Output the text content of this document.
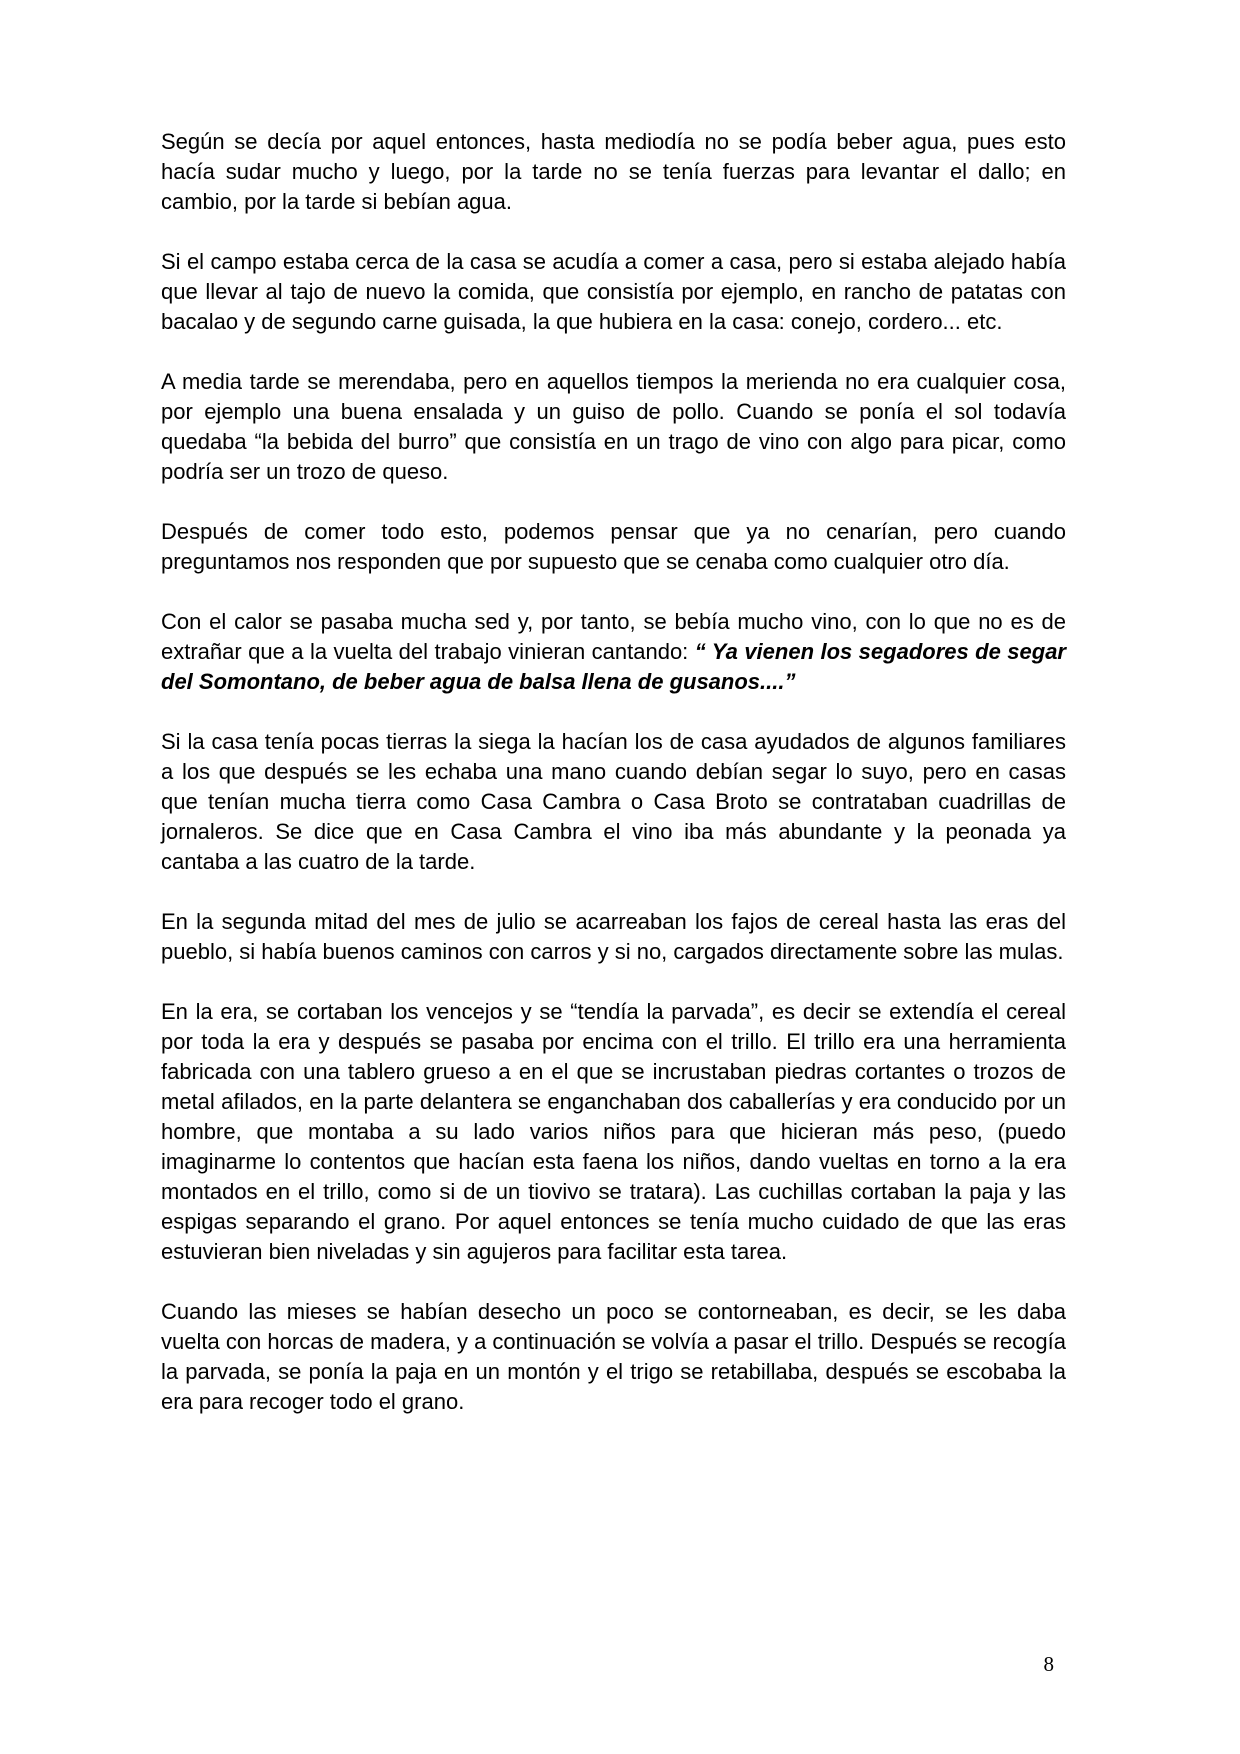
Según se decía por aquel entonces, hasta mediodía no se podía beber agua, pues esto hacía sudar mucho y luego, por la tarde no se tenía fuerzas para levantar el dallo; en cambio, por la tarde si bebían agua.

Si el campo estaba cerca de la casa se acudía a comer a casa, pero si estaba alejado había que llevar al tajo de nuevo la comida, que consistía por ejemplo, en rancho de patatas con bacalao y de segundo carne guisada, la que hubiera en la casa: conejo, cordero... etc.

A media tarde se merendaba, pero en aquellos tiempos la merienda no era cualquier cosa, por ejemplo una buena ensalada y un guiso de pollo. Cuando se ponía el sol todavía quedaba “la bebida del burro” que consistía en un trago de vino con algo para picar, como podría ser un trozo de queso.

Después de comer todo esto, podemos pensar que ya no cenarían, pero cuando preguntamos nos responden que por supuesto que se cenaba como cualquier otro día.

Con el calor se pasaba mucha sed y, por tanto, se bebía mucho vino, con lo que no es de extrañar que a la vuelta del trabajo vinieran cantando: “ Ya vienen los segadores de segar del Somontano, de beber agua de balsa llena de gusanos....”

Si la casa tenía pocas tierras la siega la hacían los de casa ayudados de algunos familiares a los que después se les echaba una mano cuando debían segar lo suyo, pero en casas que tenían mucha tierra como Casa Cambra o Casa Broto se contrataban cuadrillas de jornaleros. Se dice que en Casa Cambra el vino iba más abundante y la peonada ya cantaba a las cuatro de la tarde.

En la segunda mitad del mes de julio se acarreaban los fajos de cereal hasta las eras del pueblo, si había buenos caminos con carros y si no, cargados directamente sobre las mulas.

En la era, se cortaban los vencejos y se “tendía la parvada”, es decir se extendía el cereal por toda la era y después se pasaba por encima con el trillo. El trillo era una herramienta fabricada con una tablero grueso a en el que se incrustaban piedras cortantes o trozos de metal afilados, en la parte delantera se enganchaban dos caballerías y era conducido por un hombre, que montaba a su lado varios niños para que hicieran más peso, (puedo imaginarme lo contentos que hacían esta faena los niños, dando vueltas en torno a la era montados en el trillo, como si de un tiovivo se tratara). Las cuchillas cortaban la paja y las espigas separando el grano. Por aquel entonces se tenía mucho cuidado de que las eras estuvieran bien niveladas y sin agujeros para facilitar esta tarea.

Cuando las mieses se habían desecho un poco se contorneaban, es decir, se les daba vuelta con horcas de madera, y a continuación se volvía a pasar el trillo. Después se recogía la parvada, se ponía la paja en un montón y el trigo se retabillaba, después se escobaba la era para recoger todo el grano.

8
